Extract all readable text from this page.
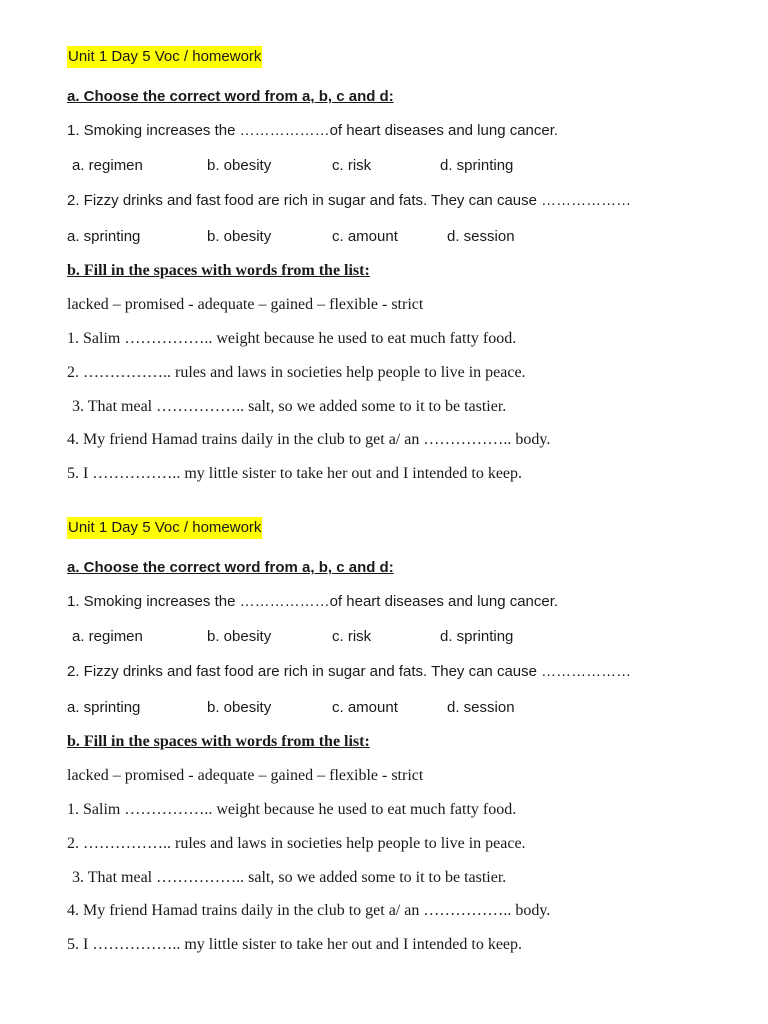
Unit 1 Day 5 Voc / homework
a. Choose the correct word from a, b, c and d:
1. Smoking increases the ………………of heart diseases and lung cancer.
a. regimen	b. obesity	c. risk	d. sprinting
2. Fizzy drinks and fast food are rich in sugar and fats. They can cause ………………
a. sprinting	b. obesity	c. amount	d. session
b. Fill in the spaces with words from the list:
lacked – promised - adequate – gained – flexible - strict
1. Salim …………….. weight because he used to eat much fatty food.
2. …………….. rules and laws in societies help people to live in peace.
3. That meal …………….. salt, so we added some to it to be tastier.
4. My friend Hamad trains daily in the club to get a/ an …………….. body.
5. I …………….. my little sister to take her out and I intended to keep.
Unit 1 Day 5 Voc / homework
a. Choose the correct word from a, b, c and d:
1. Smoking increases the ………………of heart diseases and lung cancer.
a. regimen	b. obesity	c. risk	d. sprinting
2. Fizzy drinks and fast food are rich in sugar and fats. They can cause ………………
a. sprinting	b. obesity	c. amount	d. session
b. Fill in the spaces with words from the list:
lacked – promised - adequate – gained – flexible - strict
1. Salim …………….. weight because he used to eat much fatty food.
2. …………….. rules and laws in societies help people to live in peace.
3. That meal …………….. salt, so we added some to it to be tastier.
4. My friend Hamad trains daily in the club to get a/ an …………….. body.
5. I …………….. my little sister to take her out and I intended to keep.
